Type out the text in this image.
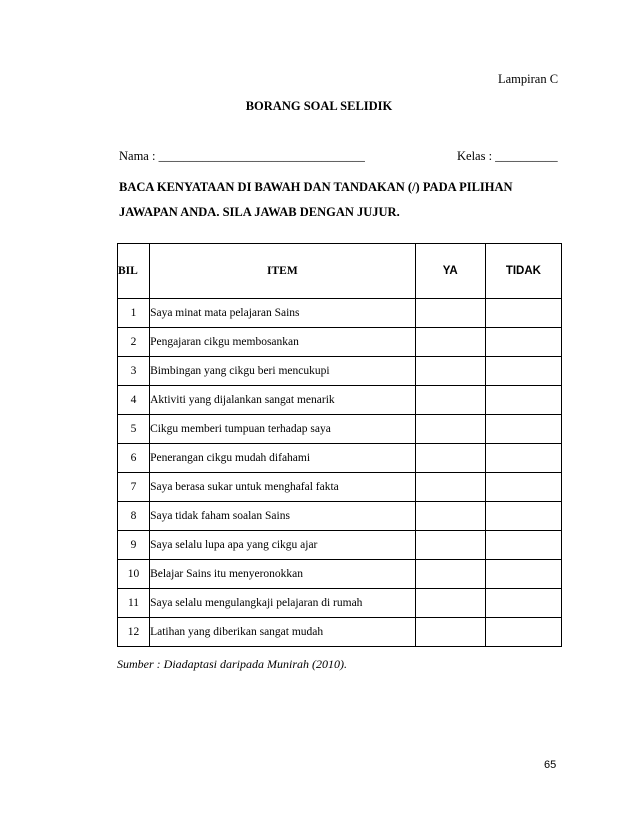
Lampiran C
BORANG SOAL SELIDIK
Nama : _________________________________	Kelas : __________
BACA KENYATAAN DI BAWAH DAN TANDAKAN (/) PADA PILIHAN
JAWAPAN ANDA. SILA JAWAB DENGAN JUJUR.
BIL	ITEM	YA	TIDAK
1	Saya minat mata pelajaran Sains		
2	Pengajaran cikgu membosankan		
3	Bimbingan yang cikgu beri mencukupi		
4	Aktiviti yang dijalankan sangat menarik		
5	Cikgu memberi tumpuan terhadap saya		
6	Penerangan cikgu mudah difahami		
7	Saya berasa sukar untuk menghafal fakta		
8	Saya tidak faham soalan Sains		
9	Saya selalu lupa apa yang cikgu ajar		
10	Belajar Sains itu menyeronokkan		
11	Saya selalu mengulangkaji pelajaran di rumah		
12	Latihan yang diberikan sangat mudah		
Sumber : Diadaptasi daripada Munirah (2010).
65
